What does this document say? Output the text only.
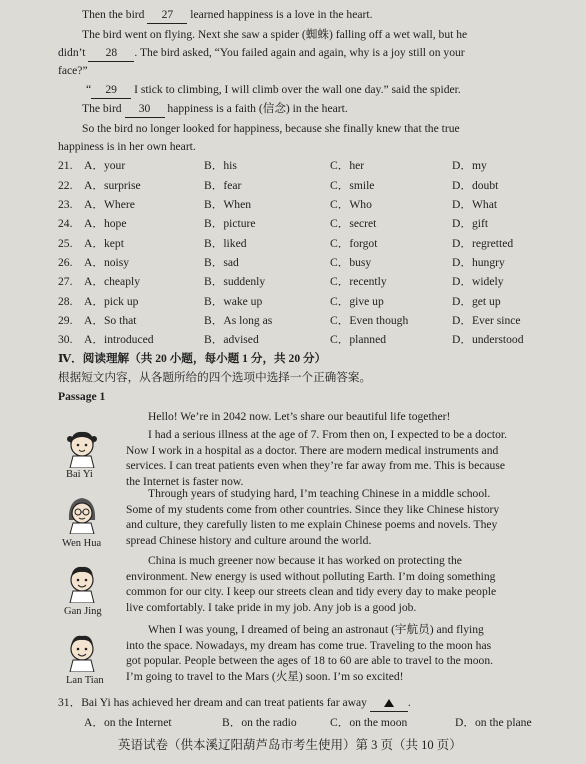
Then the bird 27 learned happiness is a love in the heart.
The bird went on flying. Next she saw a spider (蜘蛛) falling off a wet wall, but he
didn’t 28 . The bird asked, “You failed again and again, why is a joy still on your
face?”
“ 29 I stick to climbing, I will climb over the wall one day.” said the spider.
The bird 30 happiness is a faith (信念) in the heart.
So the bird no longer looked for happiness, because she finally knew that the true
happiness is in her own heart.
21. A．your	B．his	C．her	D．my
22. A．surprise	B．fear	C．smile	D．doubt
23. A．Where	B．When	C．Who	D．What
24. A．hope	B．picture	C．secret	D．gift
25. A．kept	B．liked	C．forgot	D．regretted
26. A．noisy	B．sad	C．busy	D．hungry
27. A．cheaply	B．suddenly	C．recently	D．widely
28. A．pick up	B．wake up	C．give up	D．get up
29. A．So that	B．As long as	C．Even though	D．Ever since
30. A．introduced	B．advised	C．planned	D．understood
Ⅳ．阅读理解（共 20 小题，每小题 1 分，共 20 分）
根据短文内容，从各题所给的四个选项中选择一个正确答案。
Passage 1
Hello! We’re in 2042 now. Let’s share our beautiful life together!
Bai Yi
I had a serious illness at the age of 7. From then on, I expected to be a doctor.
Now I work in a hospital as a doctor. There are modern medical instruments and
services. I can treat patients even when they’re far away from me. This is because
the Internet is faster now.
Wen Hua
Through years of studying hard, I’m teaching Chinese in a middle school.
Some of my students come from other countries. Since they like Chinese history
and culture, they carefully listen to me explain Chinese poems and novels. They
spread Chinese history and culture around the world.
Gan Jing
China is much greener now because it has worked on protecting the
environment. New energy is used without polluting Earth. I’m doing something
common for our city. I keep our streets clean and tidy every day to make people
live comfortably. I take pride in my job. Any job is a good job.
Lan Tian
When I was young, I dreamed of being an astronaut (宇航员) and flying
into the space. Nowadays, my dream has come true. Traveling to the moon has
got popular. People between the ages of 18 to 60 are able to travel to the moon.
I’m going to travel to the Mars (火星) soon. I’m so excited!
31．Bai Yi has achieved her dream and can treat patients far away	.
A．on the Internet	B．on the radio	C．on the moon	D．on the plane
英语试卷（供本溪辽阳葫芦岛市考生使用）第 3 页（共 10 页）
